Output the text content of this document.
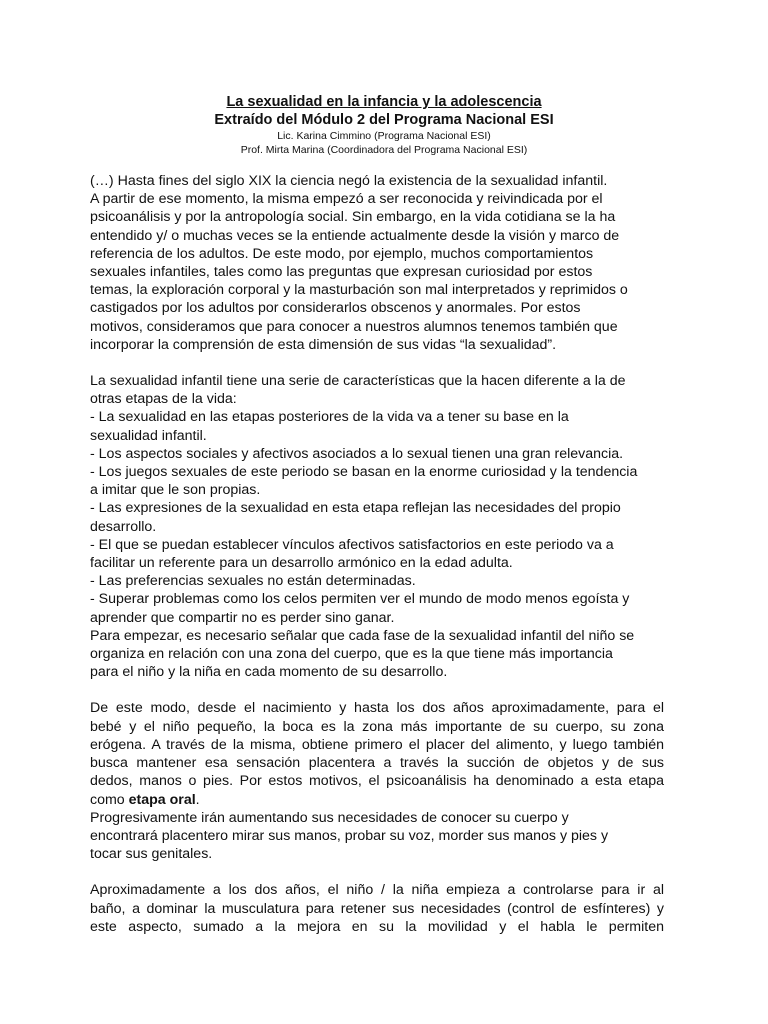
La sexualidad en la infancia y la adolescencia
Extraído del Módulo 2 del Programa Nacional ESI
Lic. Karina Cimmino (Programa Nacional ESI)
Prof. Mirta Marina (Coordinadora del Programa Nacional ESI)

(…) Hasta fines del siglo XIX la ciencia negó la existencia de la sexualidad infantil.
A partir de ese momento, la misma empezó a ser reconocida y reivindicada por el
psicoanálisis y por la antropología social. Sin embargo, en la vida cotidiana se la ha
entendido y/ o muchas veces se la entiende actualmente desde la visión y marco de
referencia de los adultos. De este modo, por ejemplo, muchos comportamientos
sexuales infantiles, tales como las preguntas que expresan curiosidad por estos
temas, la exploración corporal y la masturbación son mal interpretados y reprimidos o
castigados por los adultos por considerarlos obscenos y anormales. Por estos
motivos, consideramos que para conocer a nuestros alumnos tenemos también que
incorporar la comprensión de esta dimensión de sus vidas “la sexualidad”.

La sexualidad infantil tiene una serie de características que la hacen diferente a la de
otras etapas de la vida:
- La sexualidad en las etapas posteriores de la vida va a tener su base en la
sexualidad infantil.
- Los aspectos sociales y afectivos asociados a lo sexual tienen una gran relevancia.
- Los juegos sexuales de este periodo se basan en la enorme curiosidad y la tendencia
a imitar que le son propias.
- Las expresiones de la sexualidad en esta etapa reflejan las necesidades del propio
desarrollo.
- El que se puedan establecer vínculos afectivos satisfactorios en este periodo va a
facilitar un referente para un desarrollo armónico en la edad adulta.
- Las preferencias sexuales no están determinadas.
- Superar problemas como los celos permiten ver el mundo de modo menos egoísta y
aprender que compartir no es perder sino ganar.
Para empezar, es necesario señalar que cada fase de la sexualidad infantil del niño se
organiza en relación con una zona del cuerpo, que es la que tiene más importancia
para el niño y la niña en cada momento de su desarrollo.

De este modo, desde el nacimiento y hasta los dos años aproximadamente, para el
bebé y el niño pequeño, la boca es la zona más importante de su cuerpo, su zona
erógena. A través de la misma, obtiene primero el placer del alimento, y luego también
busca mantener esa sensación placentera a través la succión de objetos y de sus
dedos, manos o pies. Por estos motivos, el psicoanálisis ha denominado a esta etapa
como etapa oral.

Progresivamente irán aumentando sus necesidades de conocer su cuerpo y
encontrará placentero mirar sus manos, probar su voz, morder sus manos y pies y
tocar sus genitales.

Aproximadamente a los dos años, el niño / la niña empieza a controlarse para ir al
baño, a dominar la musculatura para retener sus necesidades (control de esfínteres) y
este aspecto, sumado a la mejora en su la movilidad y el habla le permiten
